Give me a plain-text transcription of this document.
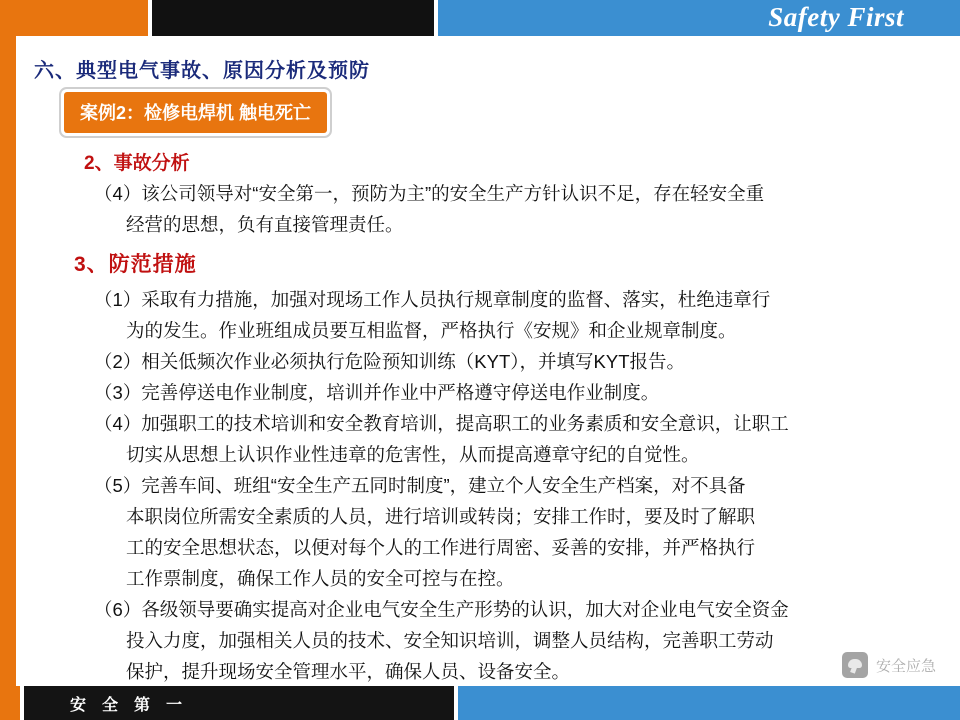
Safety First
六、典型电气事故、原因分析及预防
案例2：检修电焊机 触电死亡
2、事故分析
（4）该公司领导对“安全第一，预防为主”的安全生产方针认识不足，存在轻安全重
经营的思想，负有直接管理责任。
3、防范措施
（1）采取有力措施，加强对现场工作人员执行规章制度的监督、落实，杜绝违章行
为的发生。作业班组成员要互相监督，严格执行《安规》和企业规章制度。
（2）相关低频次作业必须执行危险预知训练（KYT），并填写KYT报告。
（3）完善停送电作业制度，培训并作业中严格遵守停送电作业制度。
（4）加强职工的技术培训和安全教育培训，提高职工的业务素质和安全意识，让职工
切实从思想上认识作业性违章的危害性，从而提高遵章守纪的自觉性。
（5）完善车间、班组“安全生产五同时制度”，建立个人安全生产档案，对不具备
本职岗位所需安全素质的人员，进行培训或转岗；安排工作时，要及时了解职
工的安全思想状态，以便对每个人的工作进行周密、妥善的安排，并严格执行
工作票制度，确保工作人员的安全可控与在控。
（6）各级领导要确实提高对企业电气安全生产形势的认识，加大对企业电气安全资金
投入力度，加强相关人员的技术、安全知识培训，调整人员结构，完善职工劳动
保护，提升现场安全管理水平，确保人员、设备安全。	安全应急
安 全 第 一
